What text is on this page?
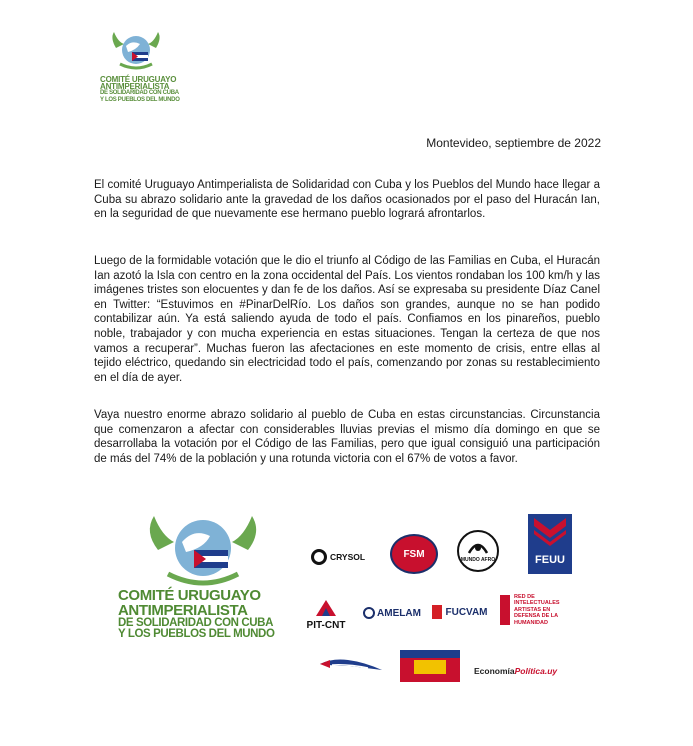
COMITÉ URUGUAYO
ANTIMPERIALISTA
DE SOLIDARIDAD CON CUBA
Y LOS PUEBLOS DEL MUNDO
Montevideo, septiembre de 2022

El comité Uruguayo Antimperialista de Solidaridad con Cuba y los Pueblos del Mundo hace llegar a Cuba su abrazo solidario ante la gravedad de los daños ocasionados por el paso del Huracán Ian, en la seguridad de que nuevamente ese hermano pueblo logrará afrontarlos.

Luego de la formidable votación que le dio el triunfo al Código de las Familias en Cuba, el Huracán Ian azotó la Isla con centro en la zona occidental del País. Los vientos rondaban los 100 km/h y las imágenes tristes son elocuentes y dan fe de los daños. Así se expresaba su presidente Díaz Canel en Twitter: “Estuvimos en #PinarDelRío. Los daños son grandes, aunque no se han podido contabilizar aún. Ya está saliendo ayuda de todo el país. Confiamos en los pinareños, pueblo noble, trabajador y con mucha experiencia en estas situaciones. Tengan la certeza de que nos vamos a recuperar”. Muchas fueron las afectaciones en este momento de crisis, entre ellas al tejido eléctrico, quedando sin electricidad todo el país, comenzando por zonas su restablecimiento en el día de ayer.

Vaya nuestro enorme abrazo solidario al pueblo de Cuba en estas circunstancias. Circunstancia que comenzaron a afectar con considerables lluvias previas el mismo día domingo en que se desarrollaba la votación por el Código de las Familias, pero que igual consiguió una participación de más del 74% de la población y una rotunda victoria con el 67% de votos a favor.

COMITÉ URUGUAYO
ANTIMPERIALISTA
DE SOLIDARIDAD CON CUBA
Y LOS PUEBLOS DEL MUNDO
CRYSOL	FSM
MUNDO AFRO	FEUU
PIT-CNT
AMELAM FUCVAM
RED DE INTELECTUALES ARTISTAS EN DEFENSA DE LA HUMANIDAD
Economía Política.uy
